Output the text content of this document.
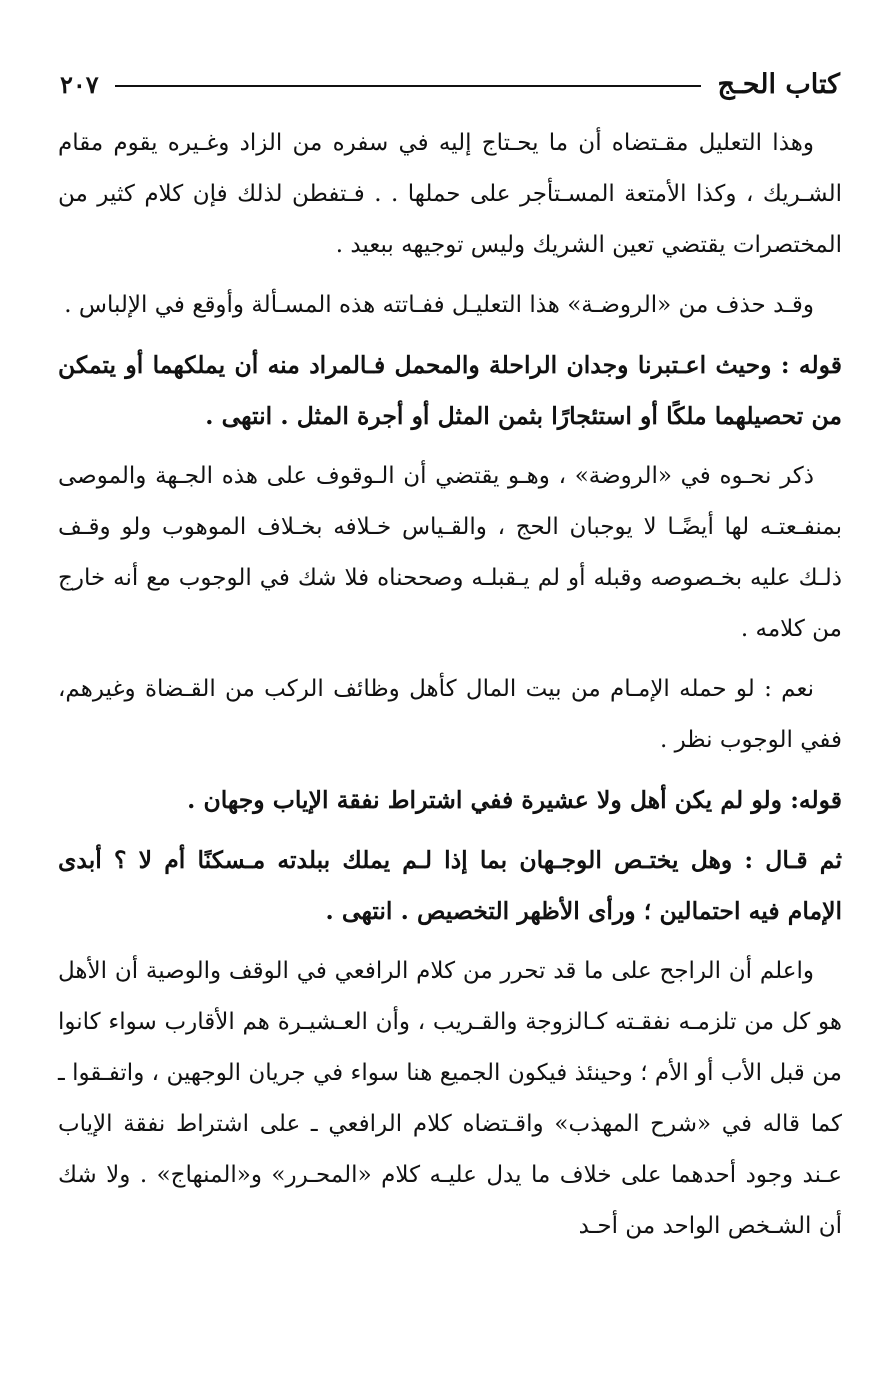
كتاب الحـج
٢٠٧

وهذا التعليل مقـتضاه أن ما يحـتاج إليه في سفره من الزاد وغـيره يقوم مقام الشـريك ، وكذا الأمتعة المسـتأجر على حملها . . فـتفطن لذلك فإن كلام كثير من المختصرات يقتضي تعين الشريك وليس توجيهه ببعيد .

وقـد حذف من «الروضـة» هذا التعليـل ففـاتته هذه المسـألة وأوقع في الإلباس .

قوله : وحيث اعـتبرنا وجدان الراحلة والمحمل فـالمراد منه أن يملكهما أو يتمكن من تحصيلهما ملكًا أو استئجارًا بثمن المثل أو أجرة المثل . انتهى .

ذكر نحـوه في «الروضة» ، وهـو يقتضي أن الـوقوف على هذه الجـهة والموصى بمنفـعتـه لها أيضًـا لا يوجبان الحج ، والقـياس خـلافه بخـلاف الموهوب ولو وقـف ذلـك عليه بخـصوصه وقبله أو لم يـقبلـه وصححناه فلا شك في الوجوب مع أنه خارج من كلامه .

نعم : لو حمله الإمـام من بيت المال كأهل وظائف الركب من القـضاة وغيرهم، ففي الوجوب نظر .

قوله: ولو لم يكن أهل ولا عشيرة ففي اشتراط نفقة الإياب وجهان .

ثم قـال : وهل يختـص الوجـهان بما إذا لـم يملك ببلدته مـسكنًا أم لا ؟ أبدى الإمام فيه احتمالين ؛ ورأى الأظهر التخصيص . انتهى .

واعلم أن الراجح على ما قد تحرر من كلام الرافعي في الوقف والوصية أن الأهل هو كل من تلزمـه نفقـته كـالزوجة والقـريب ، وأن العـشيـرة هم الأقارب سواء كانوا من قبل الأب أو الأم ؛ وحينئذ فيكون الجميع هنا سواء في جريان الوجهين ، واتفـقوا ـ كما قاله في «شرح المهذب» واقـتضاه كلام الرافعي ـ على اشتراط نفقة الإياب عـند وجود أحدهما على خلاف ما يدل عليـه كلام «المحـرر» و«المنهاج» . ولا شك أن الشـخص الواحد من أحـد
